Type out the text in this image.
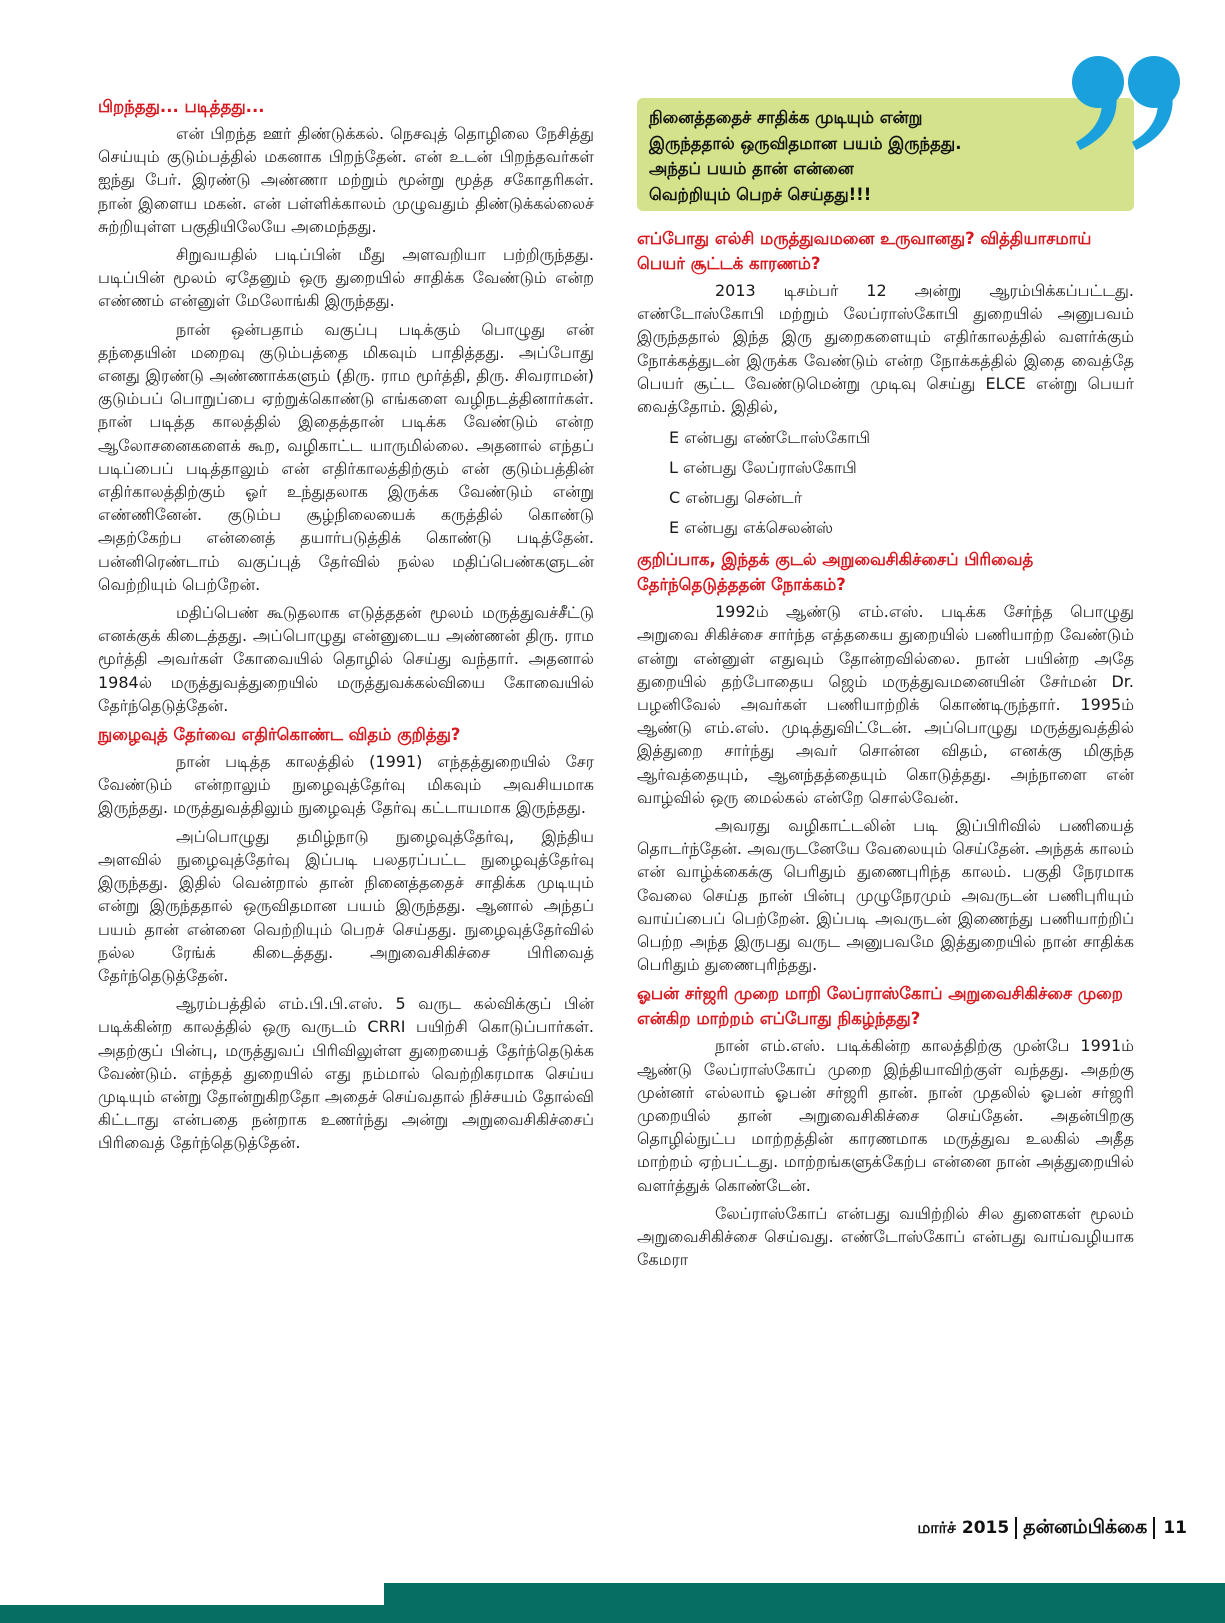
பிறந்தது... படித்தது...

என் பிறந்த ஊர் திண்டுக்கல். நெசவுத் தொழிலை நேசித்து செய்யும் குடும்பத்தில் மகனாக பிறந்தேன். என் உடன் பிறந்தவர்கள் ஐந்து பேர். இரண்டு அண்ணா மற்றும் மூன்று மூத்த சகோதரிகள். நான் இளைய மகன். என் பள்ளிக்காலம் முழுவதும் திண்டுக்கல்லைச் சுற்றியுள்ள பகுதியிலேயே அமைந்தது.

சிறுவயதில் படிப்பின் மீது அளவறியா பற்றிருந்தது. படிப்பின் மூலம் ஏதேனும் ஒரு துறையில் சாதிக்க வேண்டும் என்ற எண்ணம் என்னுள் மேலோங்கி இருந்தது.

நான் ஒன்பதாம் வகுப்பு படிக்கும் பொழுது என் தந்தையின் மறைவு குடும்பத்தை மிகவும் பாதித்தது. அப்போது எனது இரண்டு அண்ணாக்களும் (திரு. ராம மூர்த்தி, திரு. சிவராமன்) குடும்பப் பொறுப்பை ஏற்றுக்கொண்டு எங்களை வழிநடத்தினார்கள். நான் படித்த காலத்தில் இதைத்தான் படிக்க வேண்டும் என்ற ஆலோசனைகளைக் கூற, வழிகாட்ட யாருமில்லை. அதனால் எந்தப் படிப்பைப் படித்தாலும் என் எதிர்காலத்திற்கும் என் குடும்பத்தின் எதிர்காலத்திற்கும் ஓர் உந்துதலாக இருக்க வேண்டும் என்று எண்ணினேன். குடும்ப சூழ்நிலையைக் கருத்தில் கொண்டு அதற்கேற்ப என்னைத் தயார்படுத்திக் கொண்டு படித்தேன். பன்னிரெண்டாம் வகுப்புத் தேர்வில் நல்ல மதிப்பெண்களுடன் வெற்றியும் பெற்றேன்.

மதிப்பெண் கூடுதலாக எடுத்ததன் மூலம் மருத்துவச்சீட்டு எனக்குக் கிடைத்தது. அப்பொழுது என்னுடைய அண்ணன் திரு. ராம மூர்த்தி அவர்கள் கோவையில் தொழில் செய்து வந்தார். அதனால் 1984ல் மருத்துவத்துறையில் மருத்துவக்கல்வியை கோவையில் தேர்ந்தெடுத்தேன்.

நுழைவுத் தேர்வை எதிர்கொண்ட விதம் குறித்து?

நான் படித்த காலத்தில் (1991) எந்தத்துறையில் சேர வேண்டும் என்றாலும் நுழைவுத்தேர்வு மிகவும் அவசியமாக இருந்தது. மருத்துவத்திலும் நுழைவுத் தேர்வு கட்டாயமாக இருந்தது.

அப்பொழுது தமிழ்நாடு நுழைவுத்தேர்வு, இந்திய அளவில் நுழைவுத்தேர்வு இப்படி பலதரப்பட்ட நுழைவுத்தேர்வு இருந்தது. இதில் வென்றால் தான் நினைத்ததைச் சாதிக்க முடியும் என்று இருந்ததால் ஒருவிதமான பயம் இருந்தது. ஆனால் அந்தப் பயம் தான் என்னை வெற்றியும் பெறச் செய்தது. நுழைவுத்தேர்வில் நல்ல ரேங்க் கிடைத்தது. அறுவைசிகிச்சை பிரிவைத் தேர்ந்தெடுத்தேன்.

ஆரம்பத்தில் எம்.பி.பி.எஸ். 5 வருட கல்விக்குப் பின் படிக்கின்ற காலத்தில் ஒரு வருடம் CRRI பயிற்சி கொடுப்பார்கள். அதற்குப் பின்பு, மருத்துவப் பிரிவிலுள்ள துறையைத் தேர்ந்தெடுக்க வேண்டும். எந்தத் துறையில் எது நம்மால் வெற்றிகரமாக செய்ய முடியும் என்று தோன்றுகிறதோ அதைச் செய்வதால் நிச்சயம் தோல்வி கிட்டாது என்பதை நன்றாக உணர்ந்து அன்று அறுவைசிகிச்சைப் பிரிவைத் தேர்ந்தெடுத்தேன்.

நினைத்ததைச் சாதிக்க முடியும் என்று
இருந்ததால் ஒருவிதமான பயம் இருந்தது.
அந்தப் பயம் தான் என்னை
வெற்றியும் பெறச் செய்தது!!!
எப்போது எல்சி மருத்துவமனை உருவானது? வித்தியாசமாய் பெயர் சூட்டக் காரணம்?

2013 டிசம்பர் 12 அன்று ஆரம்பிக்கப்பட்டது. எண்டோஸ்கோபி மற்றும் லேப்ராஸ்கோபி துறையில் அனுபவம் இருந்ததால் இந்த இரு துறைகளையும் எதிர்காலத்தில் வளர்க்கும் நோக்கத்துடன் இருக்க வேண்டும் என்ற நோக்கத்தில் இதை வைத்தே பெயர் சூட்ட வேண்டுமென்று முடிவு செய்து ELCE என்று பெயர் வைத்தோம். இதில்,

E என்பது எண்டோஸ்கோபி
L என்பது லேப்ராஸ்கோபி
C என்பது சென்டர்
E என்பது எக்செலன்ஸ்
குறிப்பாக, இந்தக் குடல் அறுவைசிகிச்சைப் பிரிவைத் தேர்ந்தெடுத்ததன் நோக்கம்?

1992ம் ஆண்டு எம்.எஸ். படிக்க சேர்ந்த பொழுது அறுவை சிகிச்சை சார்ந்த எத்தகைய துறையில் பணியாற்ற வேண்டும் என்று என்னுள் எதுவும் தோன்றவில்லை. நான் பயின்ற அதே துறையில் தற்போதைய ஜெம் மருத்துவமனையின் சேர்மன் Dr. பழனிவேல் அவர்கள் பணியாற்றிக் கொண்டிருந்தார். 1995ம் ஆண்டு எம்.எஸ். முடித்துவிட்டேன். அப்பொழுது மருத்துவத்தில் இத்துறை சார்ந்து அவர் சொன்ன விதம், எனக்கு மிகுந்த ஆர்வத்தையும், ஆனந்தத்தையும் கொடுத்தது. அந்நாளை என் வாழ்வில் ஒரு மைல்கல் என்றே சொல்வேன்.

அவரது வழிகாட்டலின் படி இப்பிரிவில் பணியைத் தொடர்ந்தேன். அவருடனேயே வேலையும் செய்தேன். அந்தக் காலம் என் வாழ்க்கைக்கு பெரிதும் துணைபுரிந்த காலம். பகுதி நேரமாக வேலை செய்த நான் பின்பு முழுநேரமும் அவருடன் பணிபுரியும் வாய்ப்பைப் பெற்றேன். இப்படி அவருடன் இணைந்து பணியாற்றிப் பெற்ற அந்த இருபது வருட அனுபவமே இத்துறையில் நான் சாதிக்க பெரிதும் துணைபுரிந்தது.

ஓபன் சர்ஜரி முறை மாறி லேப்ராஸ்கோப் அறுவைசிகிச்சை முறை என்கிற மாற்றம் எப்போது நிகழ்ந்தது?

நான் எம்.எஸ். படிக்கின்ற காலத்திற்கு முன்பே 1991ம் ஆண்டு லேப்ராஸ்கோப் முறை இந்தியாவிற்குள் வந்தது. அதற்கு முன்னர் எல்லாம் ஓபன் சர்ஜரி தான். நான் முதலில் ஓபன் சர்ஜரி முறையில் தான் அறுவைசிகிச்சை செய்தேன். அதன்பிறகு தொழில்நுட்ப மாற்றத்தின் காரணமாக மருத்துவ உலகில் அதீத மாற்றம் ஏற்பட்டது. மாற்றங்களுக்கேற்ப என்னை நான் அத்துறையில் வளர்த்துக் கொண்டேன்.

லேப்ராஸ்கோப் என்பது வயிற்றில் சில துளைகள் மூலம் அறுவைசிகிச்சை செய்வது. எண்டோஸ்கோப் என்பது வாய்வழியாக கேமரா

மார்ச் 2015 தன்னம்பிக்கை 11
